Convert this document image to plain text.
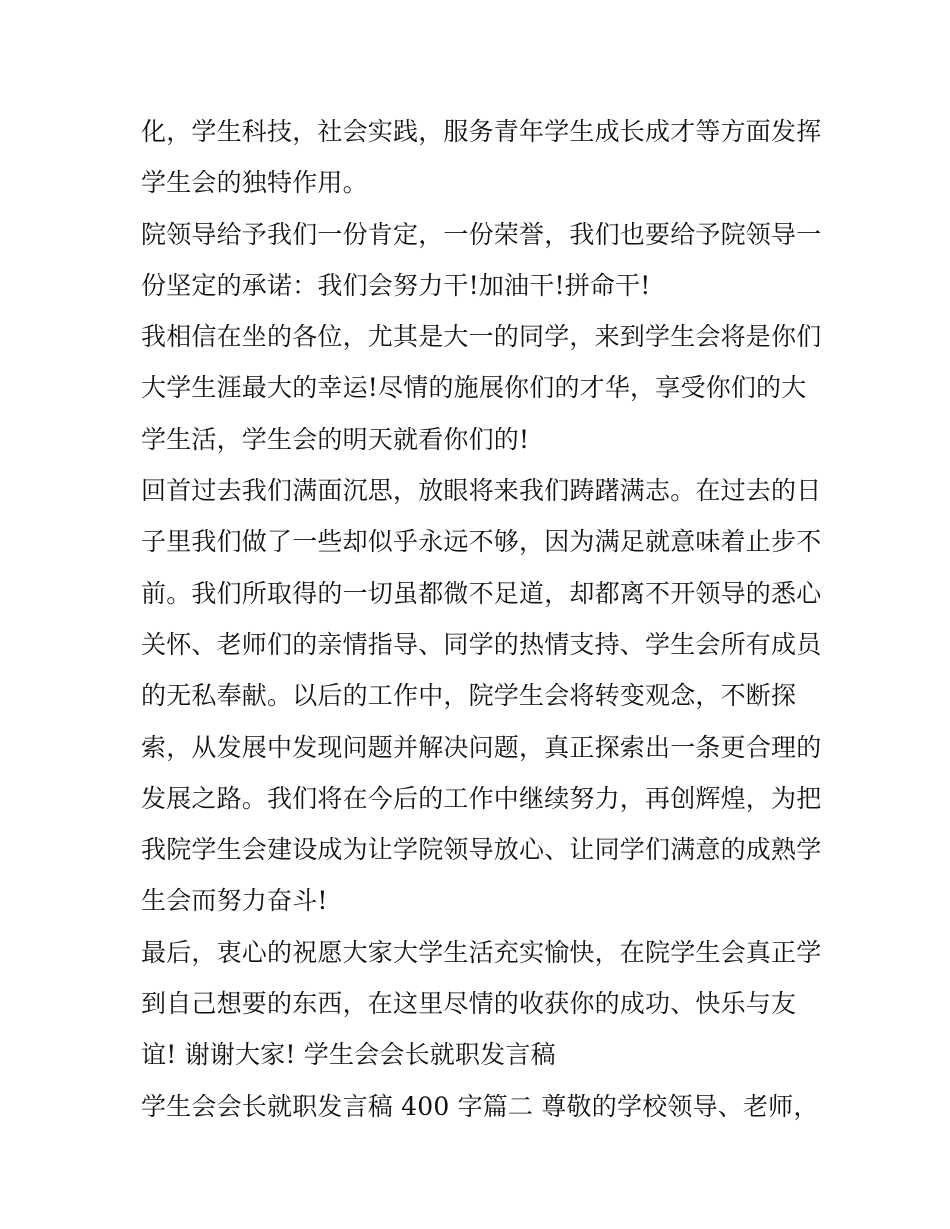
化，学生科技，社会实践，服务青年学生成长成才等方面发挥
学生会的独特作用。
院领导给予我们一份肯定，一份荣誉，我们也要给予院领导一
份坚定的承诺：我们会努力干!加油干!拼命干!
我相信在坐的各位，尤其是大一的同学，来到学生会将是你们
大学生涯最大的幸运!尽情的施展你们的才华，享受你们的大
学生活，学生会的明天就看你们的!
回首过去我们满面沉思，放眼将来我们踌躇满志。在过去的日
子里我们做了一些却似乎永远不够，因为满足就意味着止步不
前。我们所取得的一切虽都微不足道，却都离不开领导的悉心
关怀、老师们的亲情指导、同学的热情支持、学生会所有成员
的无私奉献。以后的工作中，院学生会将转变观念，不断探
索，从发展中发现问题并解决问题，真正探索出一条更合理的
发展之路。我们将在今后的工作中继续努力，再创辉煌，为把
我院学生会建设成为让学院领导放心、让同学们满意的成熟学
生会而努力奋斗!
最后，衷心的祝愿大家大学生活充实愉快，在院学生会真正学
到自己想要的东西，在这里尽情的收获你的成功、快乐与友
谊! 谢谢大家! 学生会会长就职发言稿
学生会会长就职发言稿 400 字篇二 尊敬的学校领导、老师，
